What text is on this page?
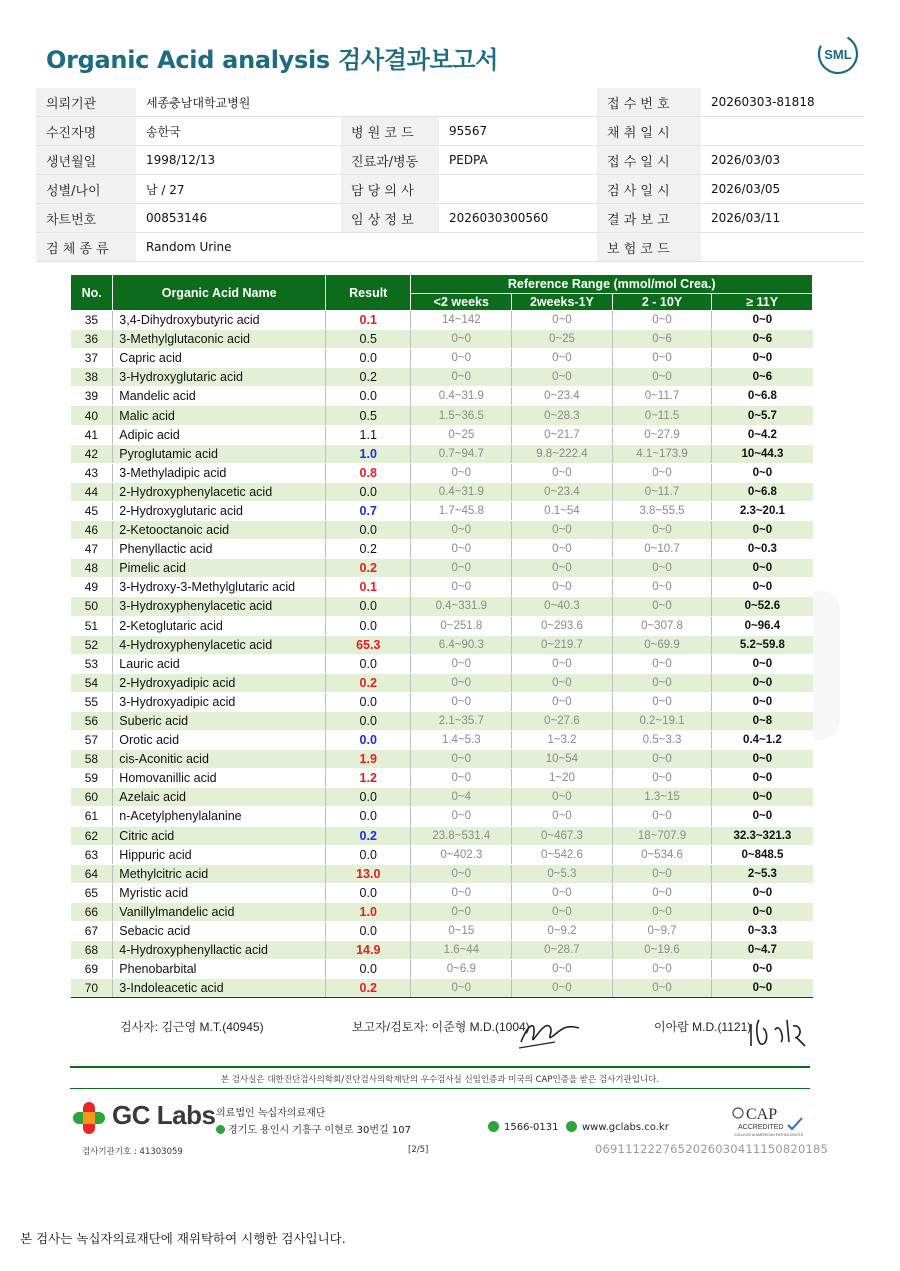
Organic Acid analysis 검사결과보고서	SML
의뢰기관	세종충남대학교병원			접 수 번 호	20260303-81818
수진자명	송한국	병 원 코 드	95567	채 취 일 시	
생년월일	1998/12/13	진료과/병동	PEDPA	접 수 일 시	2026/03/03
성별/나이	남 / 27	담 당 의 사		검 사 일 시	2026/03/05
차트번호	00853146	임 상 정 보	2026030300560	결 과 보 고	2026/03/11
검 체 종 류	Random Urine			보 험 코 드	
No.	Organic Acid Name	Result	Reference Range (mmol/mol Crea.)			
			<2 weeks	2weeks-1Y	2 - 10Y	≥ 11Y
35	3,4-Dihydroxybutyric acid	0.1	14~142	0~0	0~0	0~0
36	3-Methylglutaconic acid	0.5	0~0	0~25	0~6	0~6
37	Capric acid	0.0	0~0	0~0	0~0	0~0
38	3-Hydroxyglutaric acid	0.2	0~0	0~0	0~0	0~6
39	Mandelic acid	0.0	0.4~31.9	0~23.4	0~11.7	0~6.8
40	Malic acid	0.5	1.5~36.5	0~28.3	0~11.5	0~5.7
41	Adipic acid	1.1	0~25	0~21.7	0~27.9	0~4.2
42	Pyroglutamic acid	1.0	0.7~94.7	9.8~222.4	4.1~173.9	10~44.3
43	3-Methyladipic acid	0.8	0~0	0~0	0~0	0~0
44	2-Hydroxyphenylacetic acid	0.0	0.4~31.9	0~23.4	0~11.7	0~6.8
45	2-Hydroxyglutaric acid	0.7	1.7~45.8	0.1~54	3.8~55.5	2.3~20.1
46	2-Ketooctanoic acid	0.0	0~0	0~0	0~0	0~0
47	Phenyllactic acid	0.2	0~0	0~0	0~10.7	0~0.3
48	Pimelic acid	0.2	0~0	0~0	0~0	0~0
49	3-Hydroxy-3-Methylglutaric acid	0.1	0~0	0~0	0~0	0~0
50	3-Hydroxyphenylacetic acid	0.0	0.4~331.9	0~40.3	0~0	0~52.6
51	2-Ketoglutaric acid	0.0	0~251.8	0~293.6	0~307.8	0~96.4
52	4-Hydroxyphenylacetic acid	65.3	6.4~90.3	0~219.7	0~69.9	5.2~59.8
53	Lauric acid	0.0	0~0	0~0	0~0	0~0
54	2-Hydroxyadipic acid	0.2	0~0	0~0	0~0	0~0
55	3-Hydroxyadipic acid	0.0	0~0	0~0	0~0	0~0
56	Suberic acid	0.0	2.1~35.7	0~27.6	0.2~19.1	0~8
57	Orotic acid	0.0	1.4~5.3	1~3.2	0.5~3.3	0.4~1.2
58	cis-Aconitic acid	1.9	0~0	10~54	0~0	0~0
59	Homovanillic acid	1.2	0~0	1~20	0~0	0~0
60	Azelaic acid	0.0	0~4	0~0	1.3~15	0~0
61	n-Acetylphenylalanine	0.0	0~0	0~0	0~0	0~0
62	Citric acid	0.2	23.8~531.4	0~467.3	18~707.9	32.3~321.3
63	Hippuric acid	0.0	0~402.3	0~542.6	0~534.6	0~848.5
64	Methylcitric acid	13.0	0~0	0~5.3	0~0	2~5.3
65	Myristic acid	0.0	0~0	0~0	0~0	0~0
66	Vanillylmandelic acid	1.0	0~0	0~0	0~0	0~0
67	Sebacic acid	0.0	0~15	0~9.2	0~9.7	0~3.3
68	4-Hydroxyphenyllactic acid	14.9	1.6~44	0~28.7	0~19.6	0~4.7
69	Phenobarbital	0.0	0~6.9	0~0	0~0	0~0
70	3-Indoleacetic acid	0.2	0~0	0~0	0~0	0~0
검사자: 김근영 M.T.(40945)	보고자/검토자: 이준형 M.D.(1004)	이아람 M.D.(1121)
본 검사실은 대한진단검사의학회/진단검사의학재단의 우수검사실 신임인증과 미국의 CAP인증을 받은 검사기관입니다.
GC Labs 의료법인 녹십자의료재단
경기도 용인시 기흥구 이현로 30번길 107	1566-0131	www.gclabs.co.kr
CAP
ACCREDITED
COLLEGE of AMERICAN PATHOLOGISTS
검사기관기호 : 41303059	[2/5]	06911122276520260304111508201​85
본 검사는 녹십자의료재단에 재위탁하여 시행한 검사입니다.
